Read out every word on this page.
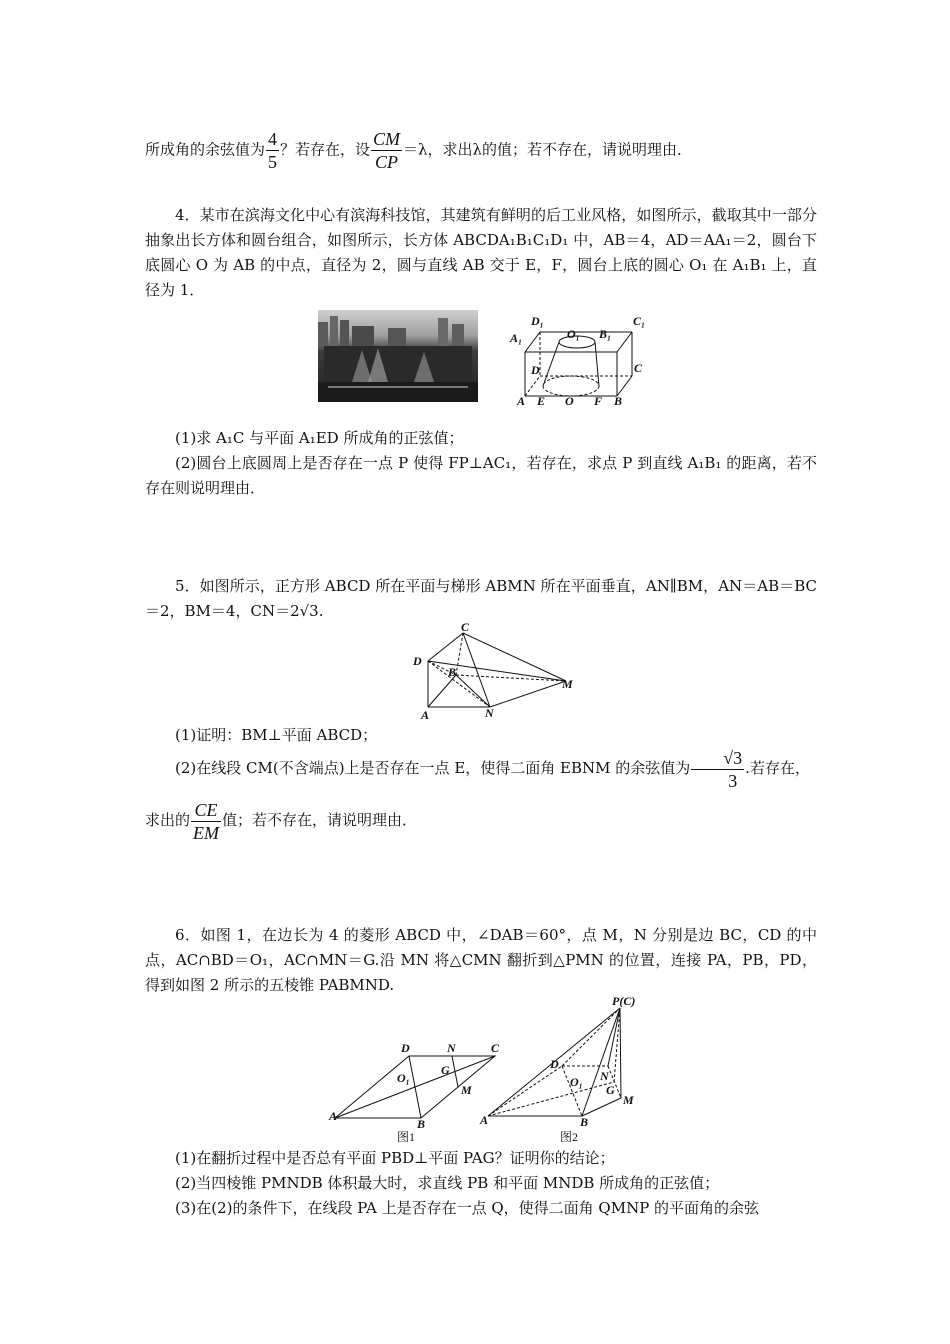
所成角的余弦值为 $\frac{4}{5}$ ？若存在，设 $\frac{CM}{CP} =\lambda$，求出λ的值；若不存在，请说明理由．
4．某市在滨海文化中心有滨海科技馆，其建筑有鲜明的后工业风格，如图所示，截取其中一部分抽象出长方体和圆台组合，如图所示，长方体 ABCDA₁B₁C₁D₁ 中，AB＝4，AD＝AA₁＝2，圆台下底圆心 O 为 AB 的中点，直径为 2，圆与直线 AB 交于 E，F，圆台上底的圆心 O₁ 在 A₁B₁ 上，直径为 1．
D₁	C₁
A₁	O₁ B₁
D	C
A E O F B
(1)求 A₁C 与平面 A₁ED 所成角的正弦值；
(2)圆台上底圆周上是否存在一点 P 使得 FP⊥AC₁，若存在，求点 P 到直线 A₁B₁ 的距离，若不存在则说明理由．
5．如图所示，正方形 ABCD 所在平面与梯形 ABMN 所在平面垂直，AN∥BM，AN＝AB＝BC＝2，BM＝4，CN＝2√3.
C
D
B
M
A	N
(1)证明：BM⊥平面 ABCD；
(2)在线段 CM(不含端点)上是否存在一点 E，使得二面角 EBNM 的余弦值为 $\frac{√3}{3}$ .若存在，
求出的 $\frac{CE}{EM}$ 值；若不存在，请说明理由．
6．如图 1，在边长为 4 的菱形 ABCD 中，∠DAB＝60°，点 M，N 分别是边 BC，CD 的中点，AC∩BD＝O₁，AC∩MN＝G.沿 MN 将△CMN 翻折到△PMN 的位置，连接 PA，PB，PD，得到如图 2 所示的五棱锥 PABMND.
D	N	C
O₁
G
M
A
B
图1
P(C)
D
O₁ N
G
M
A	B
图2
(1)在翻折过程中是否总有平面 PBD⊥平面 PAG？证明你的结论；
(2)当四棱锥 PMNDB 体积最大时，求直线 PB 和平面 MNDB 所成角的正弦值；
(3)在(2)的条件下，在线段 PA 上是否存在一点 Q，使得二面角 QMNP 的平面角的余弦
